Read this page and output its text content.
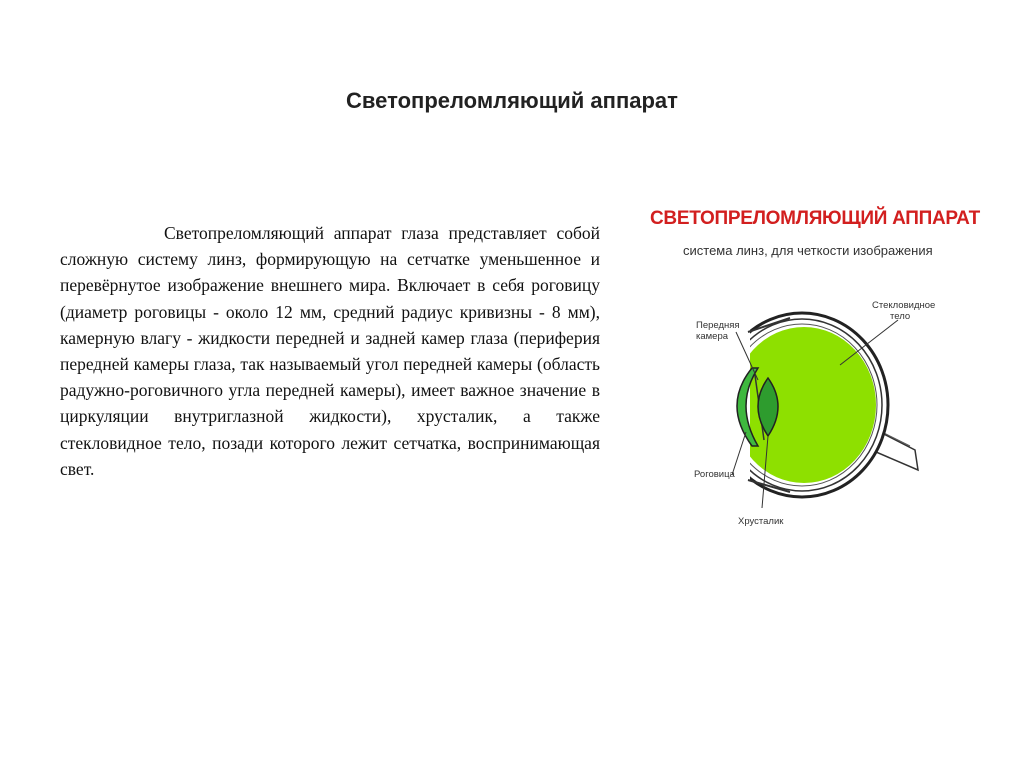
Светопреломляющий аппарат
Светопреломляющий аппарат глаза представляет собой сложную систему линз, формирующую на сетчатке уменьшенное и перевёрнутое изображение внешнего мира. Включает в себя роговицу (диаметр роговицы - около 12 мм, средний радиус кривизны - 8 мм), камерную влагу - жидкости передней и задней камер глаза (периферия передней камеры глаза, так называемый угол передней камеры (область радужно-роговичного угла передней камеры), имеет важное значение в циркуляции внутриглазной жидкости), хрусталик, а также стекловидное тело, позади которого лежит сетчатка, воспринимающая свет.
СВЕТОПРЕЛОМЛЯЮЩИЙ АППАРАТ
система линз, для четкости изображения
Стекловидное
тело
Передняя
камера
Роговица
Хрусталик
